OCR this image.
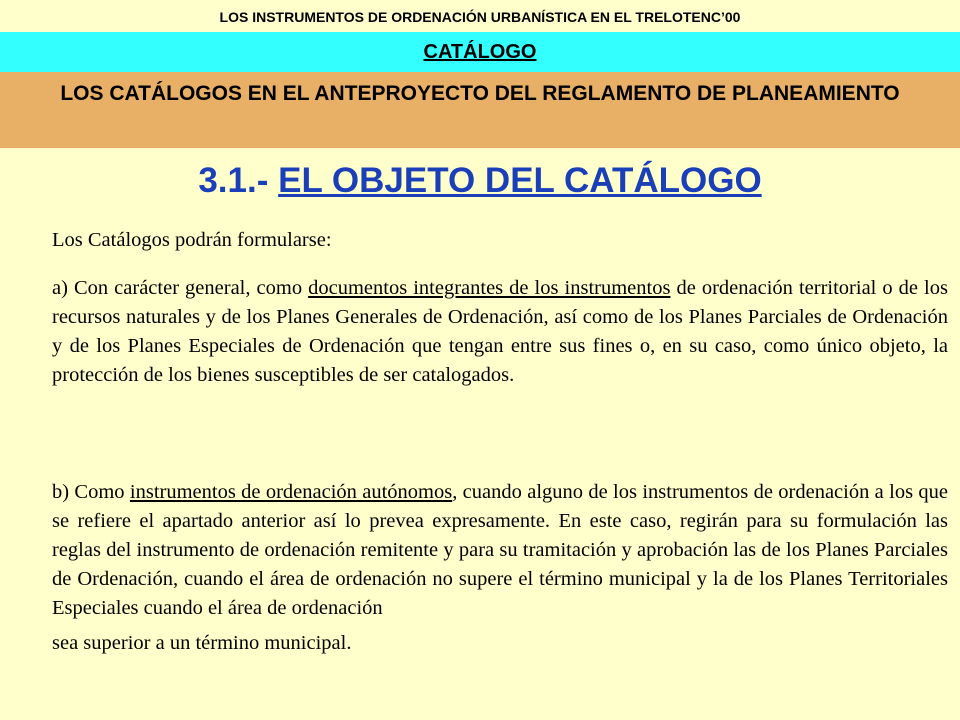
LOS INSTRUMENTOS DE ORDENACIÓN URBANÍSTICA EN EL TRELOTENC’00
CATÁLOGO
LOS CATÁLOGOS EN EL ANTEPROYECTO DEL REGLAMENTO DE PLANEAMIENTO
3.1.- EL OBJETO DEL CATÁLOGO
Los Catálogos podrán formularse:
a) Con carácter general, como documentos integrantes de los instrumentos de ordenación territorial o de los recursos naturales y de los Planes Generales de Ordenación, así como de los Planes Parciales de Ordenación y de los Planes Especiales de Ordenación que tengan entre sus fines o, en su caso, como único objeto, la protección de los bienes susceptibles de ser catalogados.
b) Como instrumentos de ordenación autónomos, cuando alguno de los instrumentos de ordenación a los que se refiere el apartado anterior así lo prevea expresamente. En este caso, regirán para su formulación las reglas del instrumento de ordenación remitente y para su tramitación y aprobación las de los Planes Parciales de Ordenación, cuando el área de ordenación no supere el término municipal y la de los Planes Territoriales Especiales cuando el área de ordenación
sea superior a un término municipal.
